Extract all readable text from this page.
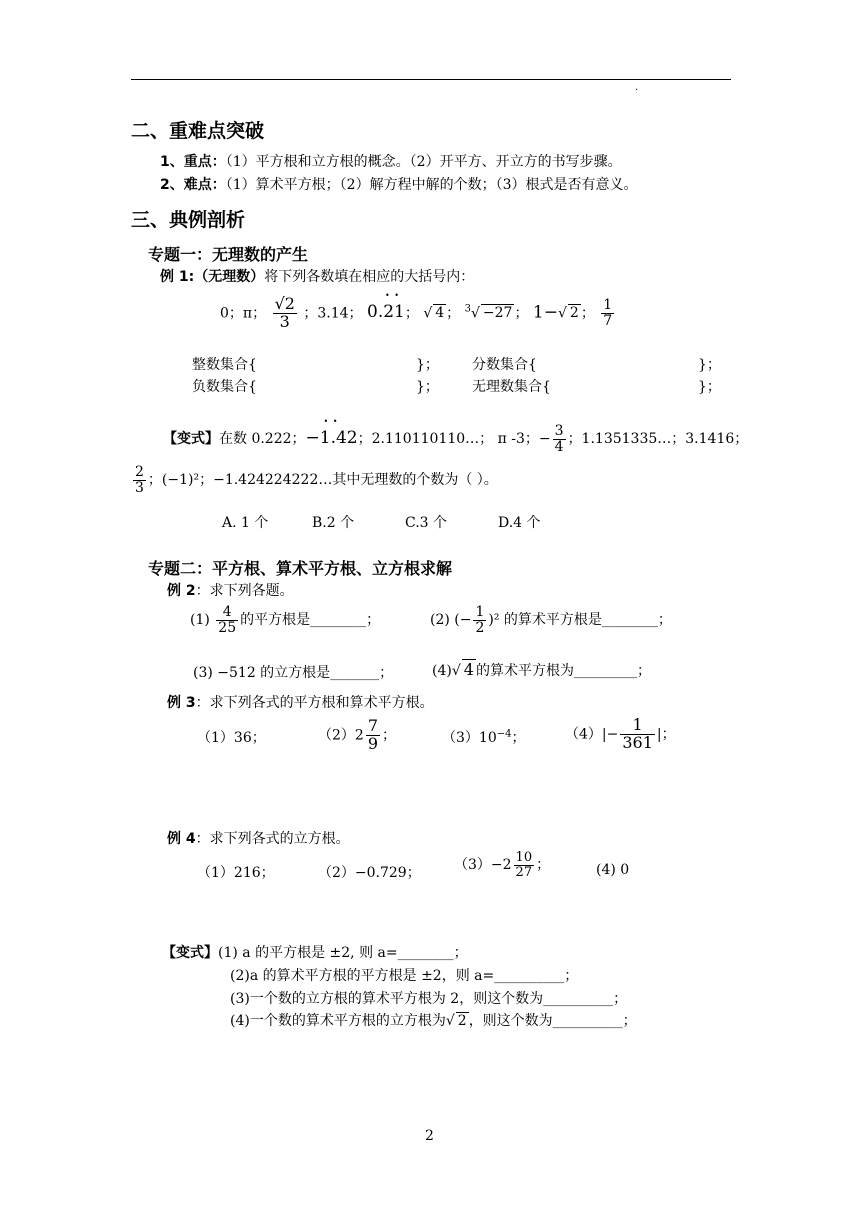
.
二、重难点突破
1、重点：（1）平方根和立方根的概念。（2）开平方、开立方的书写步骤。
2、难点：（1）算术平方根；（2）解方程中解的个数；（3）根式是否有意义。
三、典例剖析
专题一：无理数的产生
例 1:（无理数）将下列各数填在相应的大括号内：
0；π； $\frac{√2}{3}$ ；3.14； • • 0.21； √ 4 ； $^3$√ −27 ； 1−√ 2 ； $\frac{1}{7}$
整数集合{	}； 分数集合{	}；
负数集合{	}； 无理数集合{	}；
【变式】在数 0.222；• • −1.42；2.110110110…； π -3；− $\frac{3}{4}$ ；1.1351335…；3.1416；
$\frac{2}{3}$ ；(−1)²；−1.424224222…其中无理数的个数为（ ）。
A. 1 个	B.2 个	C.3 个	D.4 个
专题二：平方根、算术平方根、立方根求解
例 2：求下列各题。
$(1) \frac{4}{25}$ 的平方根是________；	(2) (− $\frac{1}{2} )^2$ 的算术平方根是________；
(3) −512 的立方根是_______；	(4)√ 4 的算术平方根为_________；
例 3：求下列各式的平方根和算术平方根。
（1）36；	$(2)2 \frac{7}{9}$ ；	$(3)10^{-4}$；	$(4)|- \frac{1}{361}$ |；
例 4：求下列各式的立方根。
（1）216；	（2）−0.729； $(3)-2 \frac{10}{27}$ ；	(4) 0
【变式】(1) a 的平方根是 ±2, 则 a=________；
(2)a 的算术平方根的平方根是 ±2，则 a=__________；
(3)一个数的立方根的算术平方根为 2，则这个数为__________；
(4)一个数的算术平方根的立方根为√ 2 ，则这个数为__________；
2
